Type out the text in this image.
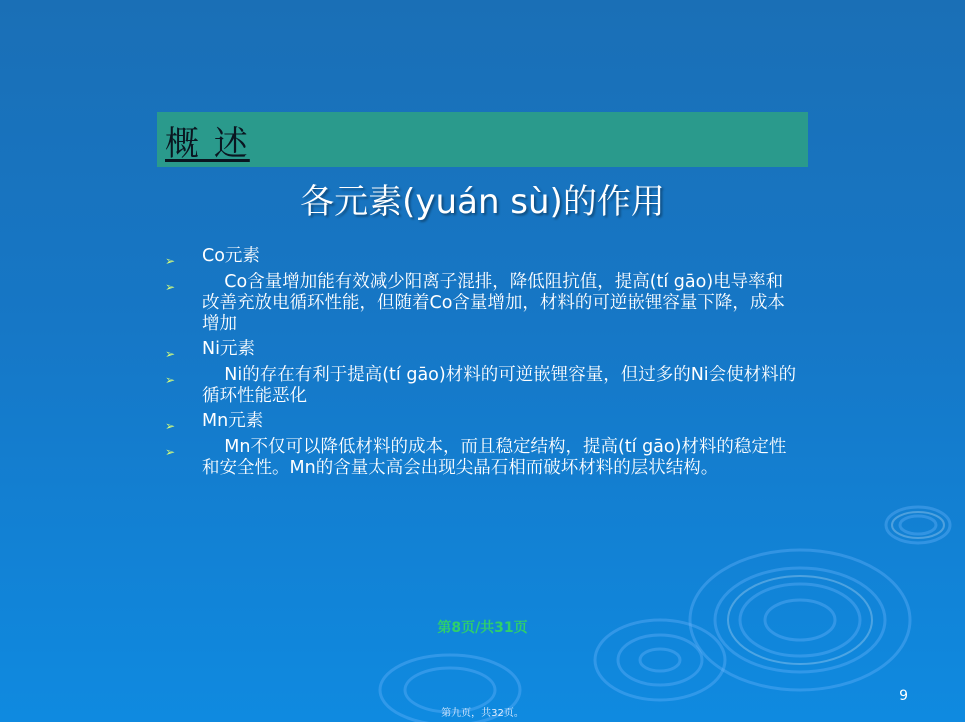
概 述
各元素(yuán sù)的作用
➢	Co元素
➢	Co含量增加能有效减少阳离子混排，降低阻抗值，提高(tí gāo)电导率和改善充放电循环性能，但随着Co含量增加，材料的可逆嵌锂容量下降，成本增加
➢	Ni元素
➢	Ni的存在有利于提高(tí gāo)材料的可逆嵌锂容量，但过多的Ni会使材料的循环性能恶化
➢	Mn元素
➢	Mn不仅可以降低材料的成本，而且稳定结构，提高(tí gāo)材料的稳定性和安全性。Mn的含量太高会出现尖晶石相而破坏材料的层状结构。
第8页/共31页
9
第九页，共32页。
